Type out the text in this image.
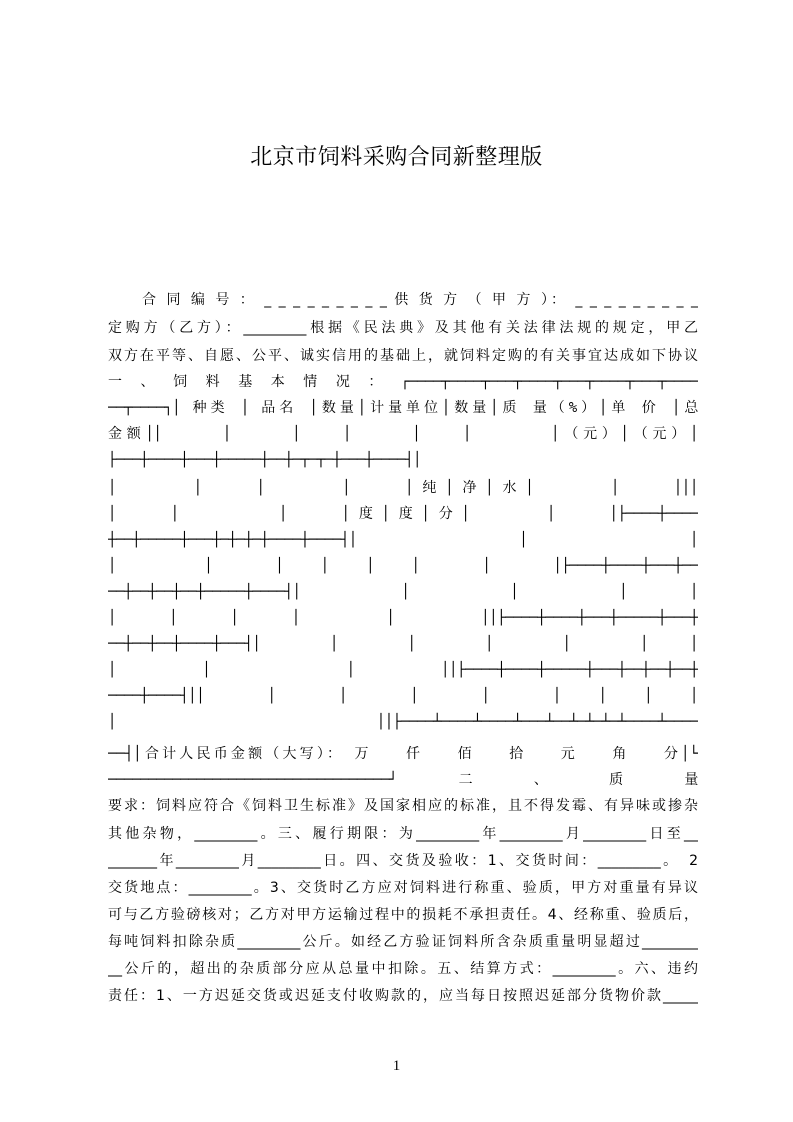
北京市饲料采购合同新整理版
　　合 同 编 号 ： _ _ _ _ _ _ _ _ _ 供 货 方 （ 甲 方 ）： _ _ _ _ _ _ _ _ _
定购方（乙方）：_________根据《民法典》及其他有关法律法规的规定，甲乙
双方在平等、自愿、公平、诚实信用的基础上，就饲料定购的有关事宜达成如下协议
一、饲料基本情况：┌────┬────┬───┬────┬───┬────┬───┬────
──┬────┐│ 种类 │ 品名 │数量│计量单位│数量│质 量（%）│单 价 │总
金额││　　　│　　　│　　│　　　│　　│　　　　│（元）│（元）│
├───┼────┼───┼─────┼──┼─┬─┬─┼───┼────┤│
│　　　│　　│　　　│　　│纯│净│水│　　　│　　│││
│　　│　　　　│　　│度│度│分│　　　│　　│├────┼────
┼──┼─────┼───┼─┼─┼─┼────┼────┤│　　│　　│
│　　　│　　│　│　│　│　　│　　│├────┼────┼───┼──
──┼──┼──┼──┼─────┼────┤│　　│　　│　　│　│
│　│　│　│　　│　　││├────┼────┼───┼─────┼───┼
──┼──┼──┼────┼───┤│　　│　　│　　│　　│　　│　│
│　│　　│　││├────┼────┼─────┼───┼──┼──┼──┼
────┼────┤││　　│　　│　　│　　│　　│　│　│　│
│　　　││├────┴────┴────┴───┴──┴─┴─┴─┴────┴────
──┤│合计人民币金额（大写）：　万　　仟　　佰　　拾　　元　　角　　分│└
───────────────────────────────────┘二、质量
要求：饲料应符合《饲料卫生标准》及国家相应的标准，且不得发霉、有异味或掺杂
其他杂物，_________。三、履行期限：为_________年_________月_________日至__
_______年_________月_________日。四、交货及验收：1、交货时间：_________。　2
交货地点：_________。3、交货时乙方应对饲料进行称重、验质，甲方对重量有异议
可与乙方验磅核对；乙方对甲方运输过程中的损耗不承担责任。4、经称重、验质后，
每吨饲料扣除杂质_________公斤。如经乙方验证饲料所含杂质重量明显超过________
__公斤的，超出的杂质部分应从总量中扣除。五、结算方式：_________。六、违约
责任：1、一方迟延交货或迟延支付收购款的，应当每日按照迟延部分货物价款_____
1
